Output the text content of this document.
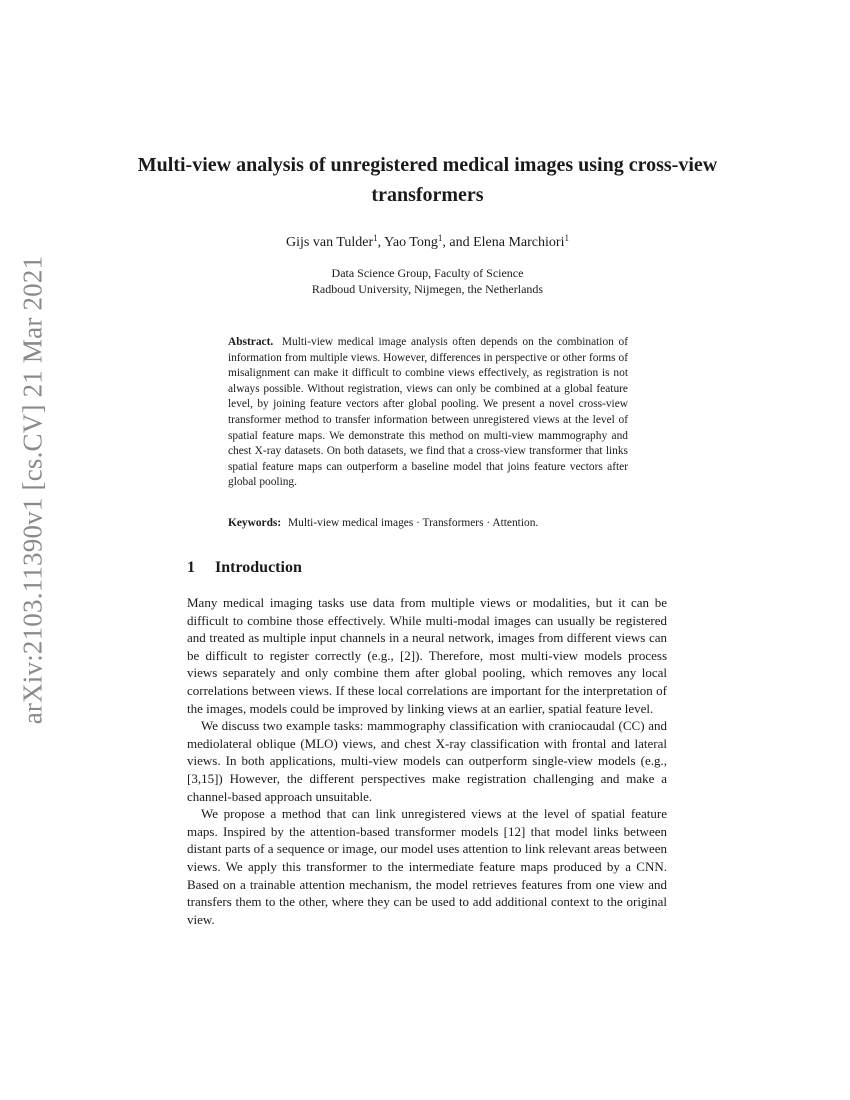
arXiv:2103.11390v1 [cs.CV] 21 Mar 2021
Multi-view analysis of unregistered medical images using cross-view transformers
Gijs van Tulder$^1$, Yao Tong$^1$, and Elena Marchiori$^1$
Data Science Group, Faculty of Science
Radboud University, Nijmegen, the Netherlands
Abstract. Multi-view medical image analysis often depends on the combination of information from multiple views. However, differences in perspective or other forms of misalignment can make it difficult to combine views effectively, as registration is not always possible. Without registration, views can only be combined at a global feature level, by joining feature vectors after global pooling. We present a novel cross-view transformer method to transfer information between unregistered views at the level of spatial feature maps. We demonstrate this method on multi-view mammography and chest X-ray datasets. On both datasets, we find that a cross-view transformer that links spatial feature maps can outperform a baseline model that joins feature vectors after global pooling.
Keywords: Multi-view medical images · Transformers · Attention.
1 Introduction

Many medical imaging tasks use data from multiple views or modalities, but it can be difficult to combine those effectively. While multi-modal images can usually be registered and treated as multiple input channels in a neural network, images from different views can be difficult to register correctly (e.g., [2]). Therefore, most multi-view models process views separately and only combine them after global pooling, which removes any local correlations between views. If these local correlations are important for the interpretation of the images, models could be improved by linking views at an earlier, spatial feature level.

We discuss two example tasks: mammography classification with craniocaudal (CC) and mediolateral oblique (MLO) views, and chest X-ray classification with frontal and lateral views. In both applications, multi-view models can outperform single-view models (e.g., [3,15]) However, the different perspectives make registration challenging and make a channel-based approach unsuitable.

We propose a method that can link unregistered views at the level of spatial feature maps. Inspired by the attention-based transformer models [12] that model links between distant parts of a sequence or image, our model uses attention to link relevant areas between views. We apply this transformer to the intermediate feature maps produced by a CNN. Based on a trainable attention mechanism, the model retrieves features from one view and transfers them to the other, where they can be used to add additional context to the original view.
